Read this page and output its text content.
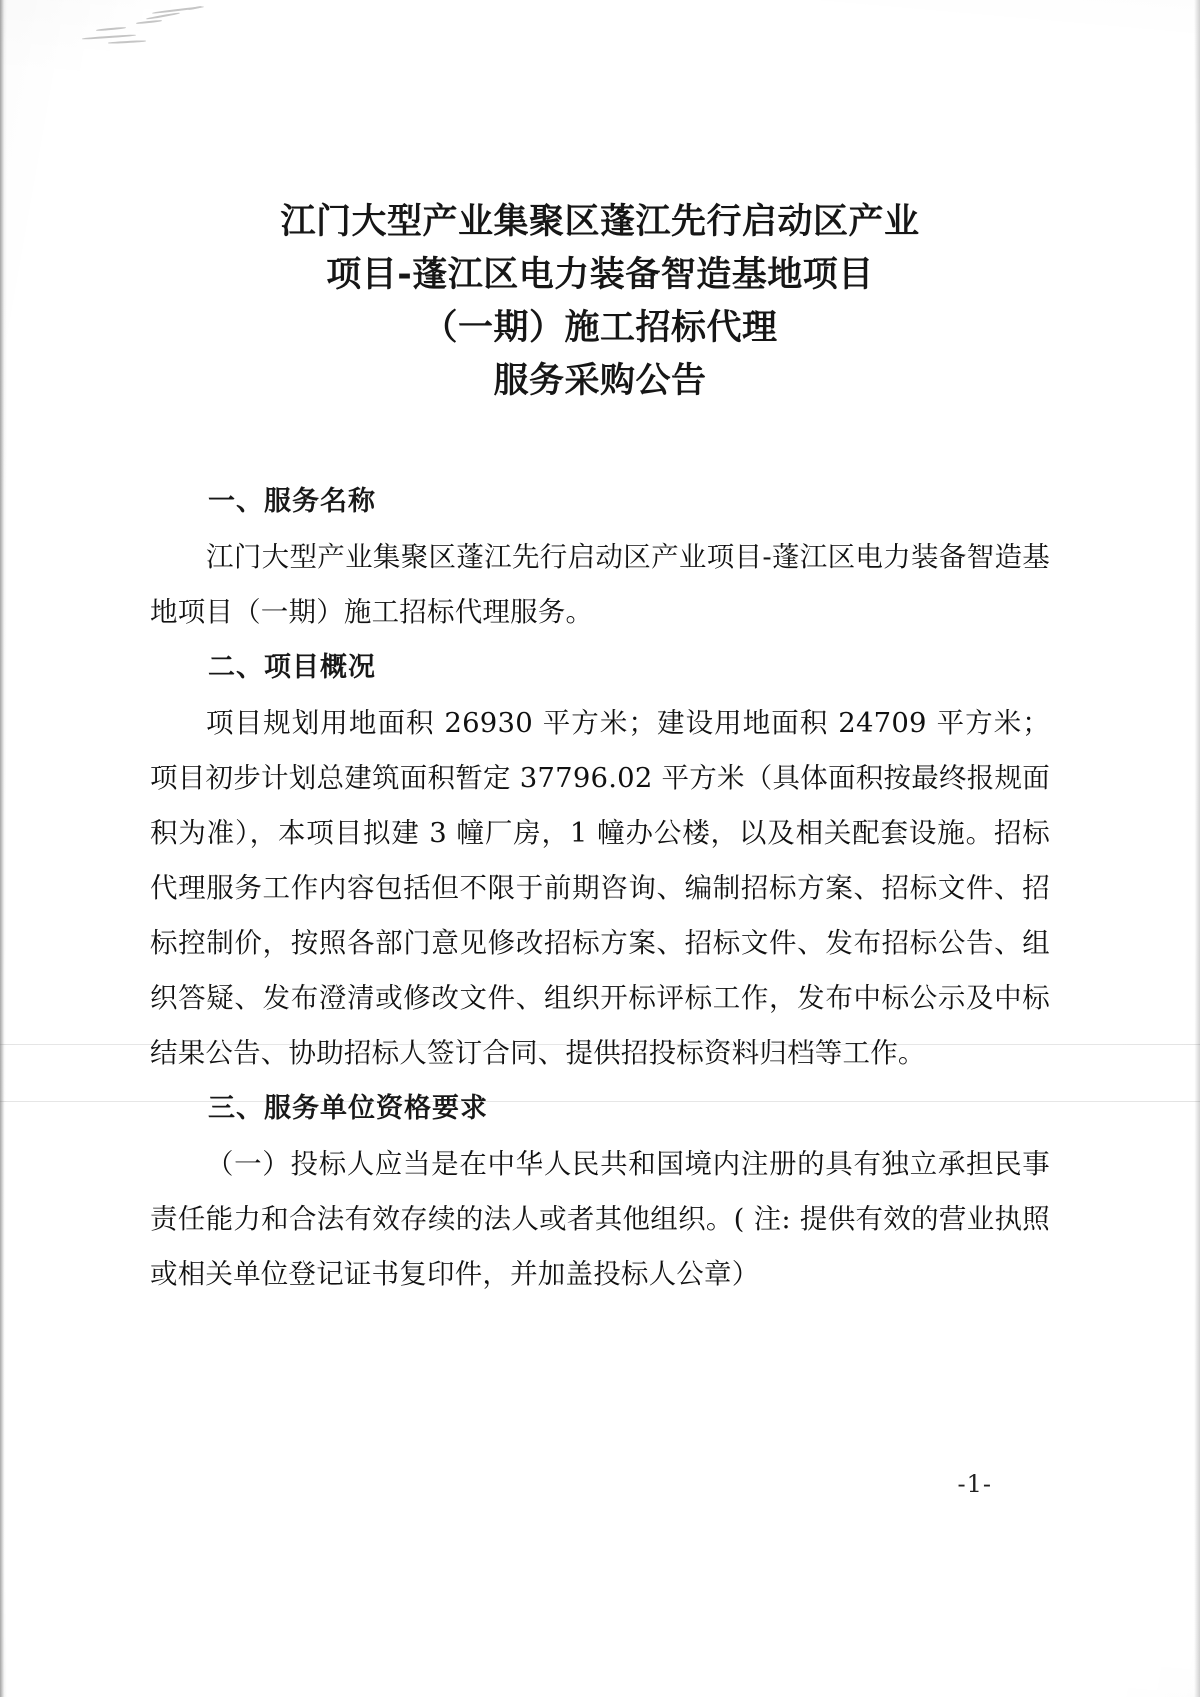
江门大型产业集聚区蓬江先行启动区产业
项目-蓬江区电力装备智造基地项目
（一期）施工招标代理
服务采购公告
一、服务名称

江门大型产业集聚区蓬江先行启动区产业项目-蓬江区电力装备智造基地项目（一期）施工招标代理服务。

二、项目概况

项目规划用地面积 26930 平方米；建设用地面积 24709 平方米；项目初步计划总建筑面积暂定 37796.02 平方米（具体面积按最终报规面积为准），本项目拟建 3 幢厂房，1 幢办公楼，以及相关配套设施。招标代理服务工作内容包括但不限于前期咨询、编制招标方案、招标文件、招标控制价，按照各部门意见修改招标方案、招标文件、发布招标公告、组织答疑、发布澄清或修改文件、组织开标评标工作，发布中标公示及中标结果公告、协助招标人签订合同、提供招投标资料归档等工作。

三、服务单位资格要求

（一）投标人应当是在中华人民共和国境内注册的具有独立承担民事责任能力和合法有效存续的法人或者其他组织。( 注: 提供有效的营业执照或相关单位登记证书复印件，并加盖投标人公章）

-1-
